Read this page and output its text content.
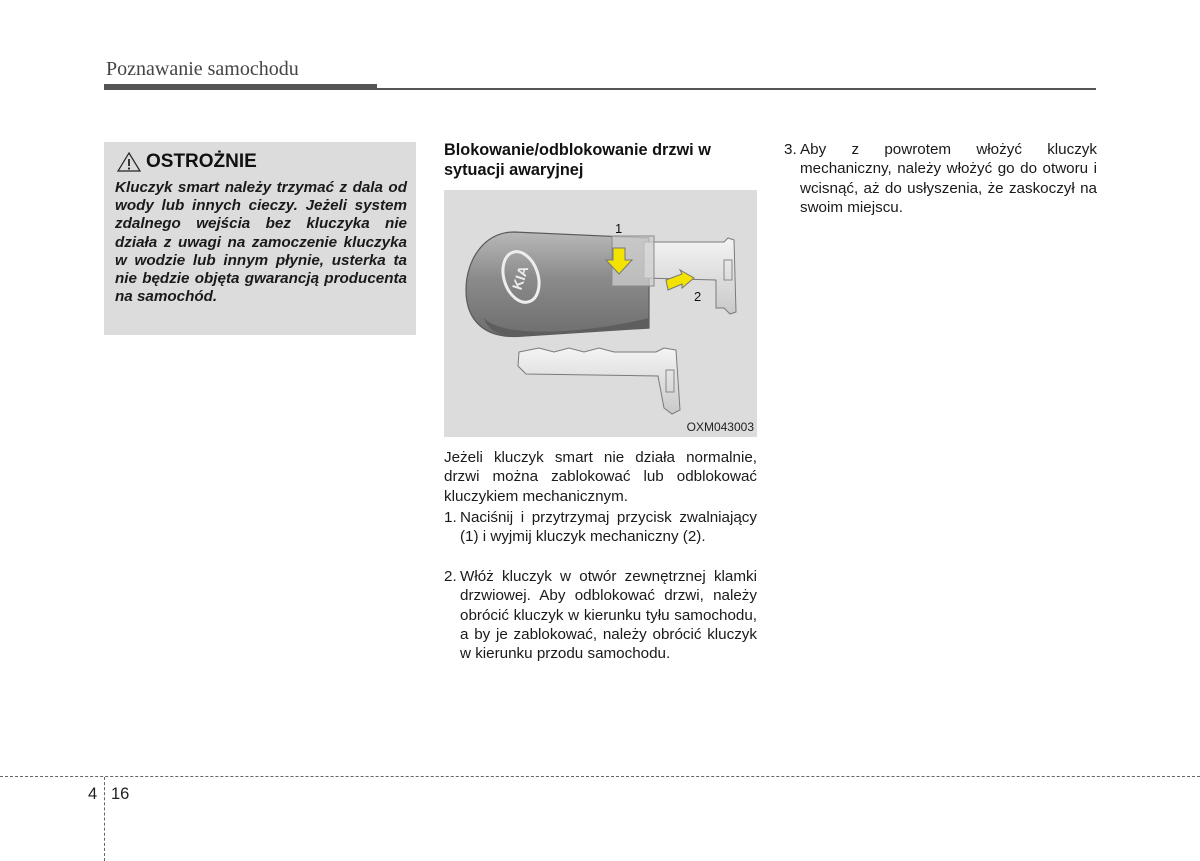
Poznawanie samochodu
OSTROŻNIE
Kluczyk smart należy trzymać z dala od wody lub innych cieczy. Jeżeli system zdalnego wejścia bez kluczyka nie działa z uwagi na zamoczenie kluczyka w wodzie lub innym płynie, usterka ta nie będzie objęta gwarancją producenta na samochód.
Blokowanie/odblokowanie drzwi w sytuacji awaryjnej
KIA
1
2
OXM043003
Jeżeli kluczyk smart nie działa normalnie, drzwi można zablokować lub odblokować kluczykiem mechanicznym.
1. Naciśnij i przytrzymaj przycisk zwalniający (1) i wyjmij kluczyk mechaniczny (2).
2. Włóż kluczyk w otwór zewnętrznej klamki drzwiowej. Aby odblokować drzwi, należy obrócić kluczyk w kierunku tyłu samochodu, a by je zablokować, należy obrócić kluczyk w kierunku przodu samochodu.
3. Aby z powrotem włożyć kluczyk mechaniczny, należy włożyć go do otworu i wcisnąć, aż do usłyszenia, że zaskoczył na swoim miejscu.
4 16
